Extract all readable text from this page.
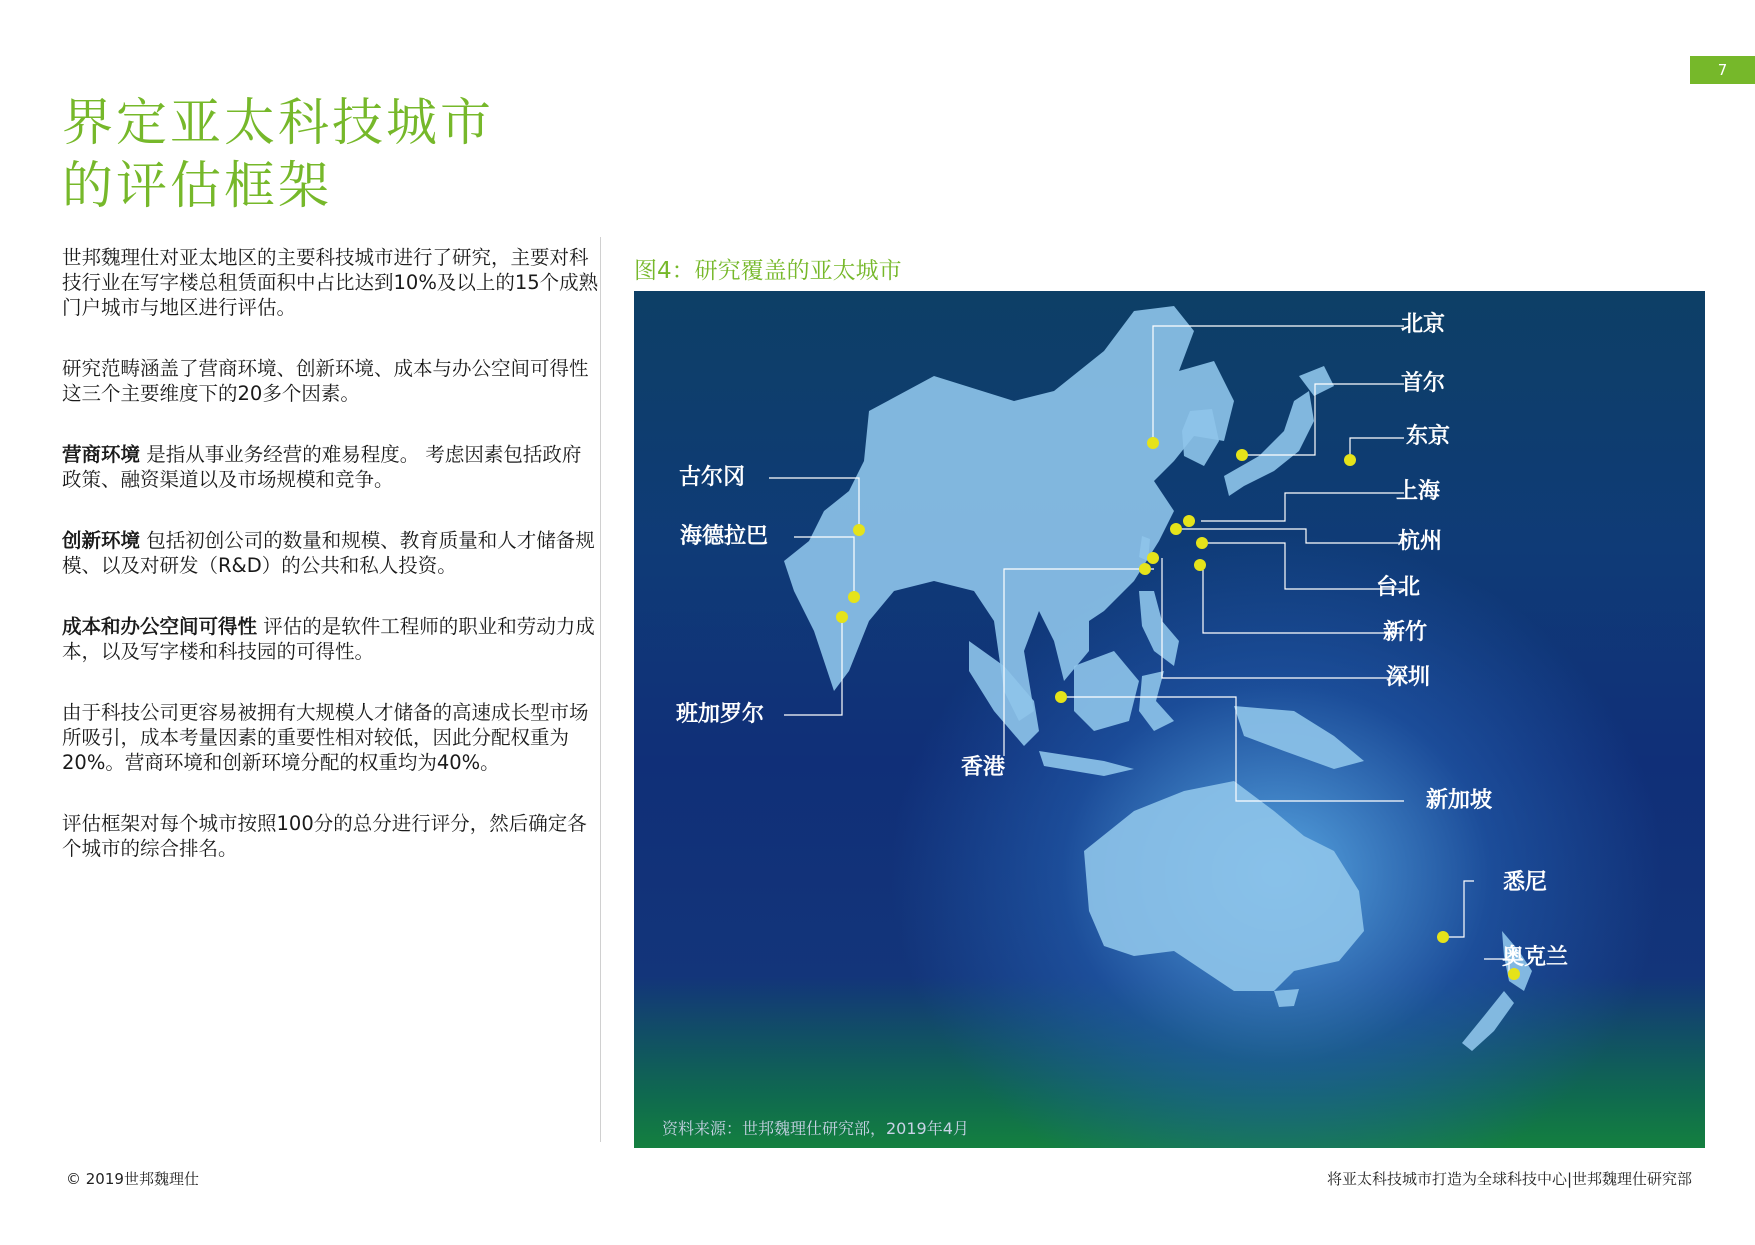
7
界定亚太科技城市
的评估框架

世邦魏理仕对亚太地区的主要科技城市进行了研究，主要对科技行业在写字楼总租赁面积中占比达到10%及以上的15个成熟门户城市与地区进行评估。

研究范畴涵盖了营商环境、创新环境、成本与办公空间可得性这三个主要维度下的20多个因素。

营商环境 是指从事业务经营的难易程度。 考虑因素包括政府政策、融资渠道以及市场规模和竞争。

创新环境 包括初创公司的数量和规模、教育质量和人才储备规模、以及对研发（R&D）的公共和私人投资。

成本和办公空间可得性 评估的是软件工程师的职业和劳动力成本，以及写字楼和科技园的可得性。

由于科技公司更容易被拥有大规模人才储备的高速成长型市场所吸引，成本考量因素的重要性相对较低，因此分配权重为20%。营商环境和创新环境分配的权重均为40%。

评估框架对每个城市按照100分的总分进行评分，然后确定各个城市的综合排名。

图4：研究覆盖的亚太城市
北京
首尔
东京
上海
杭州
台北
新竹
深圳
新加坡
悉尼
奥克兰
古尔冈
海德拉巴
班加罗尔
香港
资料来源：世邦魏理仕研究部，2019年4月
© 2019世邦魏理仕	将亚太科技城市打造为全球科技中心|世邦魏理仕研究部
